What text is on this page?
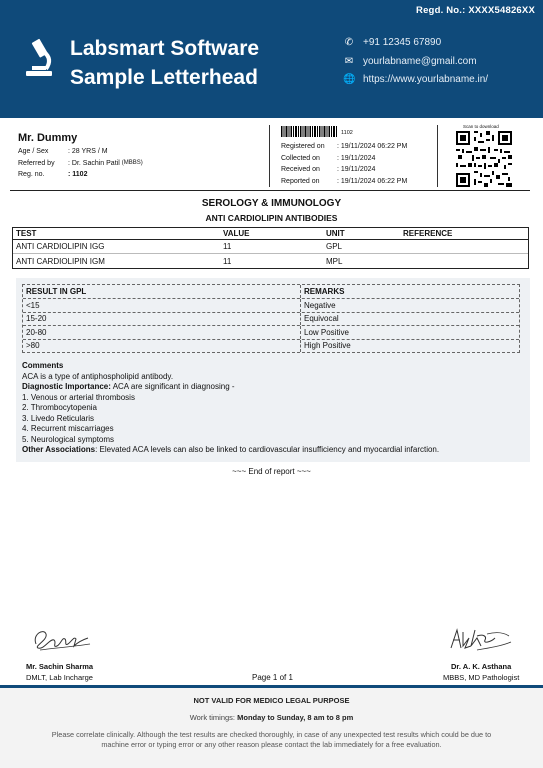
Regd. No.: XXXX54826XX
Labsmart Software
Sample Letterhead
✆ +91 12345 67890
✉ yourlabname@gmail.com
🌐 https://www.yourlabname.in/
Mr. Dummy
Age / Sex	: 28 YRS / M
Referred by	: Dr. Sachin Patil
(MBBS)
Reg. no.	: 1102
1102
Registered on	: 19/11/2024 06:22 PM
Collected on	: 19/11/2024
Received on	: 19/11/2024
Reported on	: 19/11/2024 06:22 PM
Scan to download
SEROLOGY & IMMUNOLOGY
ANTI CARDIOLIPIN ANTIBODIES
TEST	VALUE	UNIT	REFERENCE
ANTI CARDIOLIPIN IGG	11	GPL
ANTI CARDIOLIPIN IGM	11	MPL
RESULT IN GPL	REMARKS
<15	Negative
15-20	Equivocal
20-80	Low Positive
>80	High Positive
Comments
ACA is a type of antiphospholipid antibody.
Diagnostic Importance: ACA are significant in diagnosing -
1. Venous or arterial thrombosis
2. Thrombocytopenia
3. Livedo Reticularis
4. Recurrent miscarriages
5. Neurological symptoms
Other Associations: Elevated ACA levels can also be linked to cardiovascular insufficiency and myocardial infarction.
~~~ End of report ~~~
Mr. Sachin Sharma
DMLT, Lab Incharge
Dr. A. K. Asthana
MBBS, MD Pathologist
Page 1 of 1
NOT VALID FOR MEDICO LEGAL PURPOSE
Work timings: Monday to Sunday, 8 am to 8 pm
Please correlate clinically. Although the test results are checked thoroughly, in case of any unexpected test results which could be due to machine error or typing error or any other reason please contact the lab immediately for a free evaluation.
